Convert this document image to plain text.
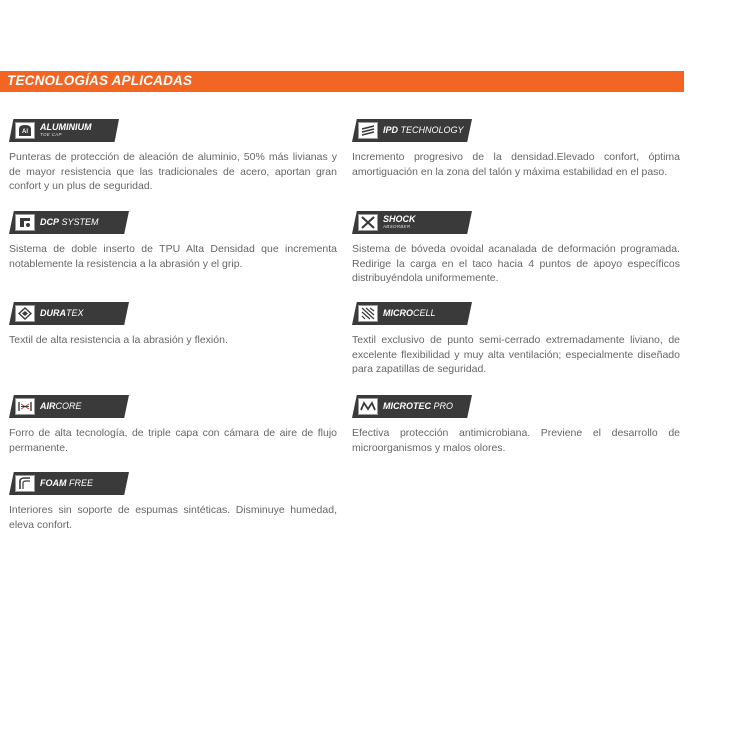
TECNOLOGÍAS APLICADAS
Al ALUMINIUM
TOE CAP

Punteras de protección de aleación de aluminio, 50% más livianas y de mayor resistencia que las tradicionales de acero, aportan gran confort y un plus de seguridad.

IPD TECHNOLOGY

Incremento progresivo de la densidad.Elevado confort, óptima amortiguación en la zona del talón y máxima estabilidad en el paso.

DCP SYSTEM

Sistema de doble inserto de TPU Alta Densidad que incrementa notablemente la resistencia a la abrasión y el grip.

SHOCK
ABSORBER

Sistema de bóveda ovoidal acanalada de deformación programada. Redirige la carga en el taco hacia 4 puntos de apoyo específicos distribuyéndola uniformemente.

DURATEX

Textil de alta resistencia a la abrasión y flexión.

MICROCELL

Textil exclusivo de punto semi-cerrado extremadamente liviano, de excelente flexibilidad y muy alta ventilación; especialmente diseñado para zapatillas de seguridad.

AIRCORE

Forro de alta tecnología, de triple capa con cámara de aire de flujo permanente.

MICROTEC PRO

Efectiva protección antimicrobiana. Previene el desarrollo de microorganismos y malos olores.

FOAM FREE

Interiores sin soporte de espumas sintéticas. Disminuye humedad, eleva confort.
